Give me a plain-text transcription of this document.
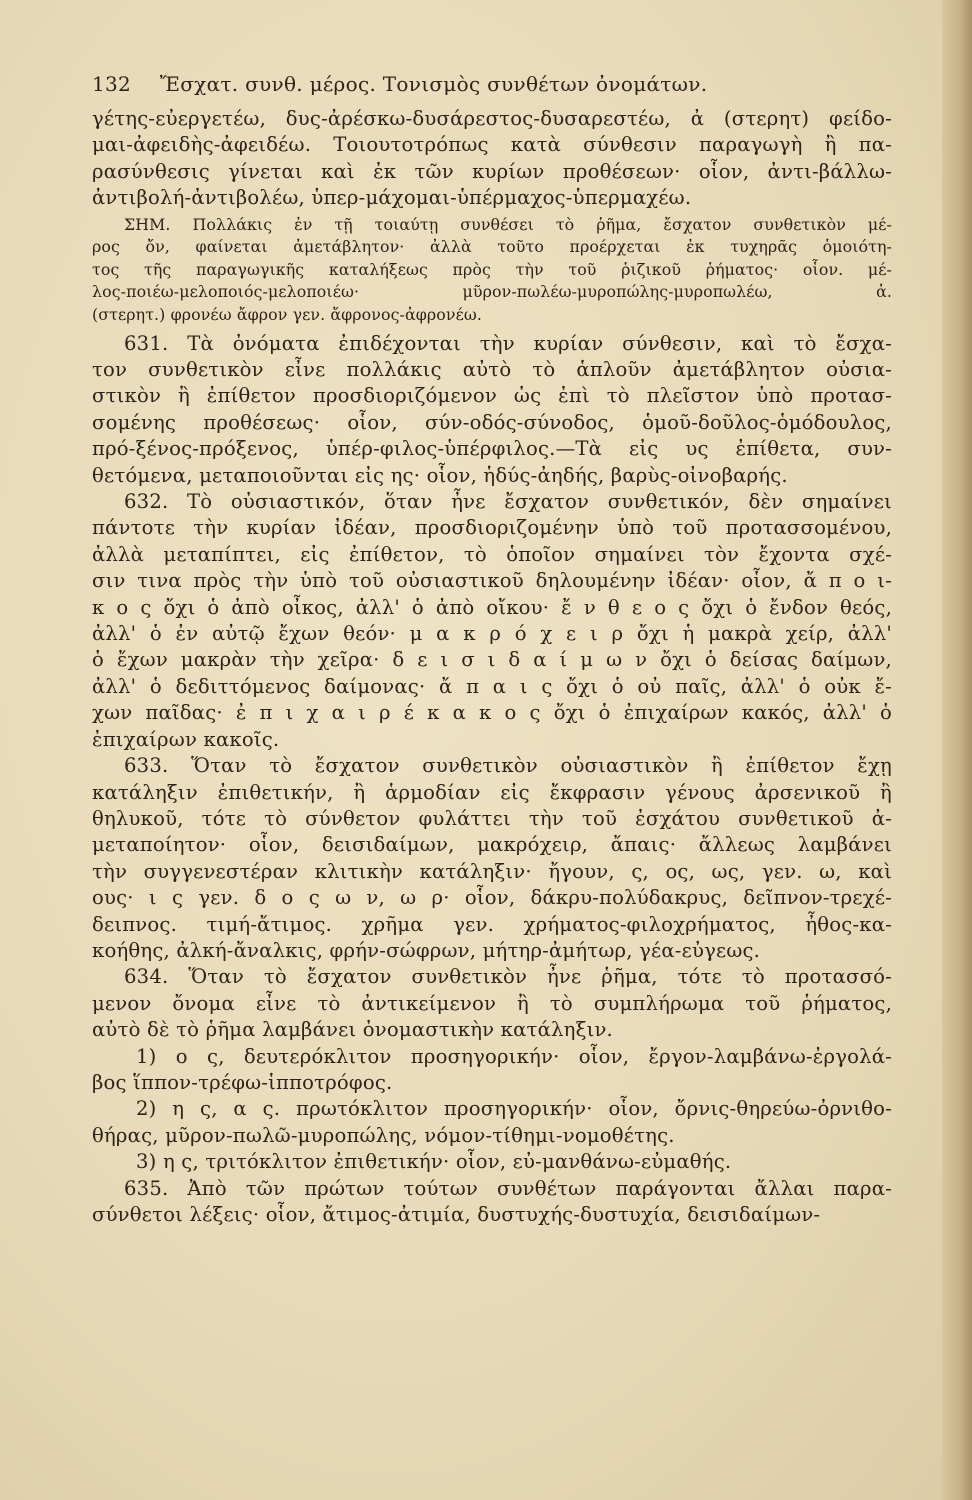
132 Ἔσχατ. συνθ. μέρος. Τονισμὸς συνθέτων ὀνομάτων.
γέτης-εὐεργετέω, δυς-ἀρέσκω-δυσάρεστος-δυσαρεστέω, ἀ (στερητ) φείδο-
μαι-ἀφειδὴς-ἀφειδέω. Τοιουτοτρόπως κατὰ σύνθεσιν παραγωγὴ ἢ πα-
ρασύνθεσις γίνεται καὶ ἐκ τῶν κυρίων προθέσεων· οἷον, ἀντι-βάλλω-
ἀντιβολή-ἀντιβολέω, ὑπερ-μάχομαι-ὑπέρμαχος-ὑπερμαχέω.
ΣΗΜ. Πολλάκις ἐν τῇ τοιαύτῃ συνθέσει τὸ ῥῆμα, ἔσχατον συνθετικὸν μέ-
ρος ὄν, φαίνεται ἀμετάβλητον· ἀλλὰ τοῦτο προέρχεται ἐκ τυχηρᾶς ὁμοιότη-
τος τῆς παραγωγικῆς καταλήξεως πρὸς τὴν τοῦ ῥιζικοῦ ῥήματος· οἷον. μέ-
λος-ποιέω-μελοποιός-μελοποιέω· μῦρον-πωλέω-μυροπώλης-μυροπωλέω, ἀ.
(στερητ.) φρονέω ἄφρον γεν. ἄφρονος-ἀφρονέω.
631. Τὰ ὀνόματα ἐπιδέχονται τὴν κυρίαν σύνθεσιν, καὶ τὸ ἔσχα-
τον συνθετικὸν εἶνε πολλάκις αὐτὸ τὸ ἁπλοῦν ἀμετάβλητον οὐσια-
στικὸν ἢ ἐπίθετον προσδιοριζόμενον ὡς ἐπὶ τὸ πλεῖστον ὑπὸ προτασ-
σομένης προθέσεως· οἷον, σύν-οδός-σύνοδος, ὁμοῦ-δοῦλος-ὁμόδουλος,
πρό-ξένος-πρόξενος, ὑπέρ-φιλος-ὑπέρφιλος.—Τὰ εἰς υς ἐπίθετα, συν-
θετόμενα, μεταποιοῦνται εἰς ης· οἷον, ἡδύς-ἀηδής, βαρὺς-οἰνοβαρής.
632. Τὸ οὐσιαστικόν, ὅταν ἦνε ἔσχατον συνθετικόν, δὲν σημαίνει
πάντοτε τὴν κυρίαν ἰδέαν, προσδιοριζομένην ὑπὸ τοῦ προτασσομένου,
ἀλλὰ μεταπίπτει, εἰς ἐπίθετον, τὸ ὁποῖον σημαίνει τὸν ἔχοντα σχέ-
σιν τινα πρὸς τὴν ὑπὸ τοῦ οὐσιαστικοῦ δηλουμένην ἰδέαν· οἷον, ἄ π ο ι-
κ ο ς ὄχι ὁ ἀπὸ οἶκος, ἀλλ' ὁ ἀπὸ οἴκου· ἔ ν θ ε ο ς ὄχι ὁ ἔνδον θεός,
ἀλλ' ὁ ἐν αὐτῷ ἔχων θεόν· μ α κ ρ ό χ ε ι ρ ὄχι ἡ μακρὰ χείρ, ἀλλ'
ὁ ἔχων μακρὰν τὴν χεῖρα· δ ε ι σ ι δ α ί μ ω ν ὄχι ὁ δείσας δαίμων,
ἀλλ' ὁ δεδιττόμενος δαίμονας· ἄ π α ι ς ὄχι ὁ οὐ παῖς, ἀλλ' ὁ οὐκ ἔ-
χων παῖδας· ἐ π ι χ α ι ρ έ κ α κ ο ς ὄχι ὁ ἐπιχαίρων κακός, ἀλλ' ὁ
ἐπιχαίρων κακοῖς.
633. Ὅταν τὸ ἔσχατον συνθετικὸν οὐσιαστικὸν ἢ ἐπίθετον ἔχῃ
κατάληξιν ἐπιθετικήν, ἢ ἁρμοδίαν εἰς ἔκφρασιν γένους ἀρσενικοῦ ἢ
θηλυκοῦ, τότε τὸ σύνθετον φυλάττει τὴν τοῦ ἐσχάτου συνθετικοῦ ἀ-
μεταποίητον· οἷον, δεισιδαίμων, μακρόχειρ, ἄπαις· ἄλλεως λαμβάνει
τὴν συγγενεστέραν κλιτικὴν κατάληξιν· ἤγουν, ς, ος, ως, γεν. ω, καὶ
ους· ι ς γεν. δ ο ς ω ν, ω ρ· οἷον, δάκρυ-πολύδακρυς, δεῖπνον-τρεχέ-
δειπνος. τιμή-ἄτιμος. χρῆμα γεν. χρήματος-φιλοχρήματος, ἦθος-κα-
κοήθης, ἀλκή-ἄναλκις, φρήν-σώφρων, μήτηρ-ἀμήτωρ, γέα-εὐγεως.
634. Ὅταν τὸ ἔσχατον συνθετικὸν ἦνε ῥῆμα, τότε τὸ προτασσό-
μενον ὄνομα εἶνε τὸ ἀντικείμενον ἢ τὸ συμπλήρωμα τοῦ ῥήματος,
αὐτὸ δὲ τὸ ῥῆμα λαμβάνει ὀνομαστικὴν κατάληξιν.
1) ο ς, δευτερόκλιτον προσηγορικήν· οἷον, ἔργον-λαμβάνω-ἐργολά-
βος ἵππον-τρέφω-ἱπποτρόφος.
2) η ς, α ς. πρωτόκλιτον προσηγορικήν· οἷον, ὄρνις-θηρεύω-ὀρνιθο-
θήρας, μῦρον-πωλῶ-μυροπώλης, νόμον-τίθημι-νομοθέτης.
3) η ς, τριτόκλιτον ἐπιθετικήν· οἷον, εὐ-μανθάνω-εὐμαθής.
635. Ἀπὸ τῶν πρώτων τούτων συνθέτων παράγονται ἄλλαι παρα-
σύνθετοι λέξεις· οἷον, ἄτιμος-ἀτιμία, δυστυχής-δυστυχία, δεισιδαίμων-
